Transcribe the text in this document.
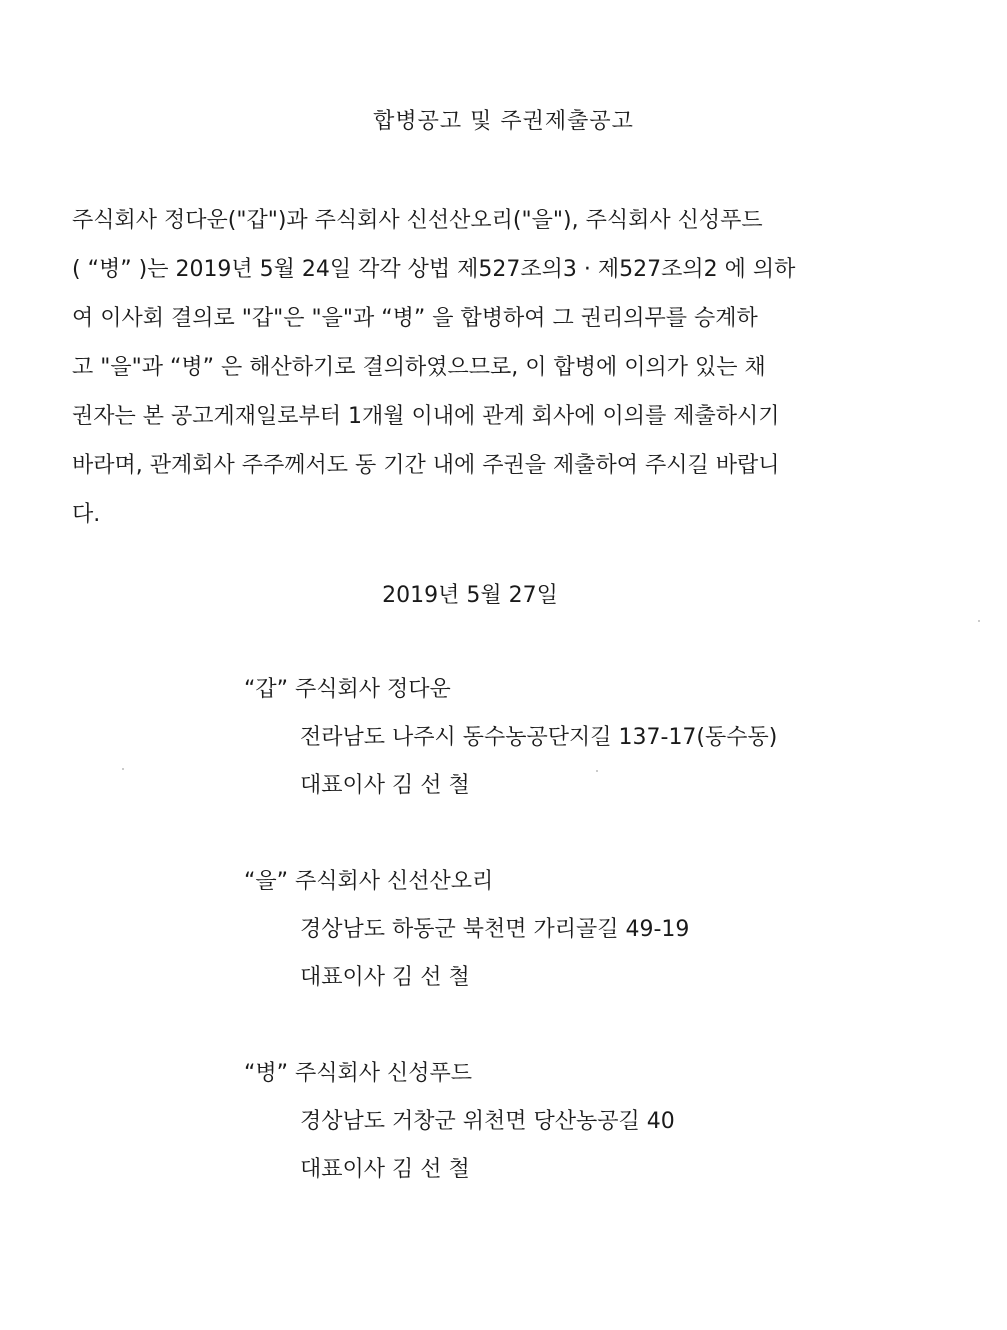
합병공고 및 주권제출공고
주식회사 정다운("갑")과 주식회사 신선산오리("을"), 주식회사 신성푸드
( “병” )는 2019년 5월 24일 각각 상법 제527조의3 · 제527조의2 에 의하
여 이사회 결의로 "갑"은 "을"과 “병” 을 합병하여 그 권리의무를 승계하
고 "을"과 “병” 은 해산하기로 결의하였으므로, 이 합병에 이의가 있는 채
권자는 본 공고게재일로부터 1개월 이내에 관계 회사에 이의를 제출하시기
바라며, 관계회사 주주께서도 동 기간 내에 주권을 제출하여 주시길 바랍니
다.
2019년 5월 27일
“갑” 주식회사 정다운
전라남도 나주시 동수농공단지길 137-17(동수동)
대표이사 김 선 철
“을” 주식회사 신선산오리
경상남도 하동군 북천면 가리골길 49-19
대표이사 김 선 철
“병” 주식회사 신성푸드
경상남도 거창군 위천면 당산농공길 40
대표이사 김 선 철
